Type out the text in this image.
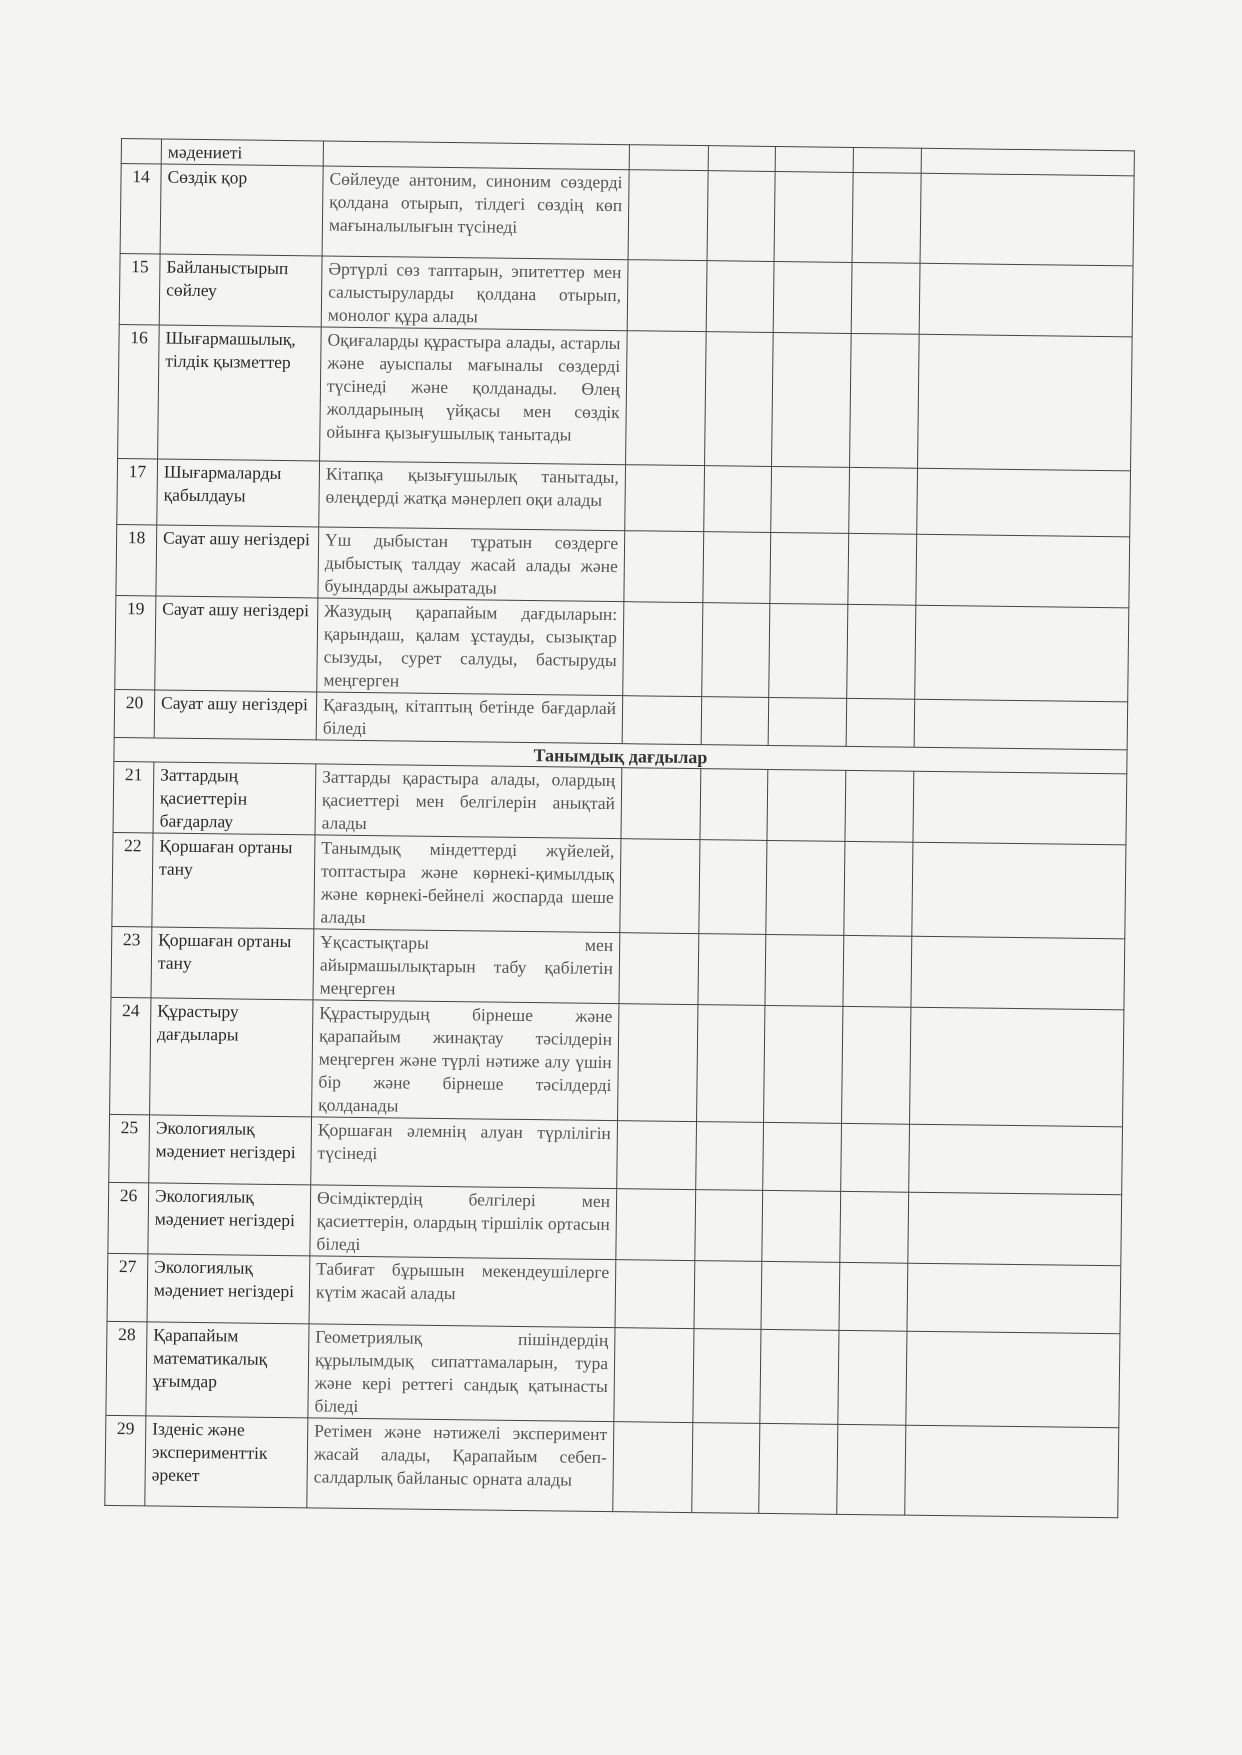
	мәдениеті						
14	Сөздік қор	Сөйлеуде антоним, синоним сөздерді қолдана отырып, тілдегі сөздің көп мағыналылығын түсінеді					
15	Байланыстырып сөйлеу	Әртүрлі сөз таптарын, эпитеттер мен салыстыруларды қолдана отырып, монолог құра алады					
16	Шығармашылық, тілдік қызметтер	Оқиғаларды құрастыра алады, астарлы және ауыспалы мағыналы сөздерді түсінеді және қолданады. Өлең жолдарының үйқасы мен сөздік ойынға қызығушылық танытады					
17	Шығармаларды қабылдауы	Кітапқа қызығушылық танытады, өлеңдерді жатқа мәнерлеп оқи алады					
18	Сауат ашу негіздері	Үш дыбыстан тұратын сөздерге дыбыстық талдау жасай алады және буындарды ажыратады					
19	Сауат ашу негіздері	Жазудың қарапайым дағдыларын: қарындаш, қалам ұстауды, сызықтар сызуды, сурет салуды, бастыруды меңгерген					
20	Сауат ашу негіздері	Қағаздың, кітаптың бетінде бағдарлай біледі					
Танымдық дағдылар							
21	Заттардың қасиеттерін бағдарлау	Заттарды қарастыра алады, олардың қасиеттері мен белгілерін анықтай алады					
22	Қоршаған ортаны тану	Танымдық міндеттерді жүйелей, топтастыра және көрнекі-қимылдық және көрнекі-бейнелі жоспарда шеше алады					
23	Қоршаған ортаны тану	Ұқсастықтары мен айырмашылықтарын табу қабілетін меңгерген					
24	Құрастыру дағдылары	Құрастырудың бірнеше және қарапайым жинақтау тәсілдерін меңгерген және түрлі нәтиже алу үшін бір және бірнеше тәсілдерді қолданады					
25	Экологиялық мәдениет негіздері	Қоршаған әлемнің алуан түрлілігін түсінеді					
26	Экологиялық мәдениет негіздері	Өсімдіктердің белгілері мен қасиеттерін, олардың тіршілік ортасын біледі					
27	Экологиялық мәдениет негіздері	Табиғат бұрышын мекендеушілерге күтім жасай алады					
28	Қарапайым математикалық ұғымдар	Геометриялық пішіндердің құрылымдық сипаттамаларын, тура және кері реттегі сандық қатынасты біледі					
29	Ізденіс және эксперименттік әрекет	Ретімен және нәтижелі эксперимент жасай алады, Қарапайым себеп-салдарлық байланыс орната алады					
